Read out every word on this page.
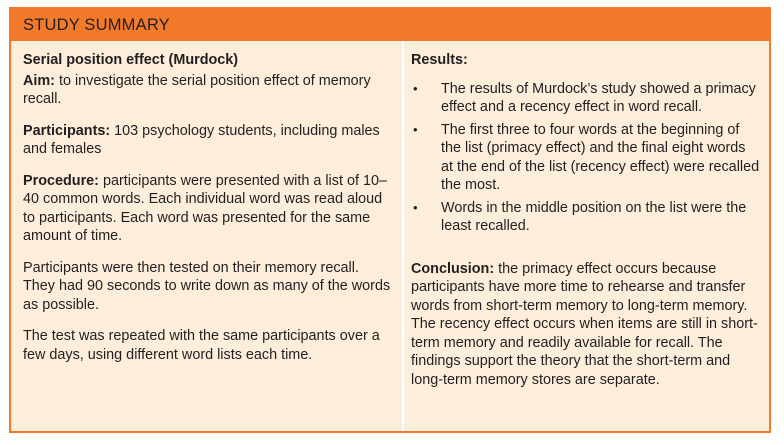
STUDY SUMMARY

Serial position effect (Murdock)

Aim: to investigate the serial position effect of memory recall.

Participants: 103 psychology students, including males and females

Procedure: participants were presented with a list of 10–40 common words. Each individual word was read aloud to participants. Each word was presented for the same amount of time.

Participants were then tested on their memory recall. They had 90 seconds to write down as many of the words as possible.

The test was repeated with the same participants over a few days, using different word lists each time.

Results:

• The results of Murdock’s study showed a primacy effect and a recency effect in word recall.
• The first three to four words at the beginning of the list (primacy effect) and the final eight words at the end of the list (recency effect) were recalled the most.
• Words in the middle position on the list were the least recalled.

Conclusion: the primacy effect occurs because participants have more time to rehearse and transfer words from short-term memory to long-term memory. The recency effect occurs when items are still in short-term memory and readily available for recall. The findings support the theory that the short-term and long-term memory stores are separate.
